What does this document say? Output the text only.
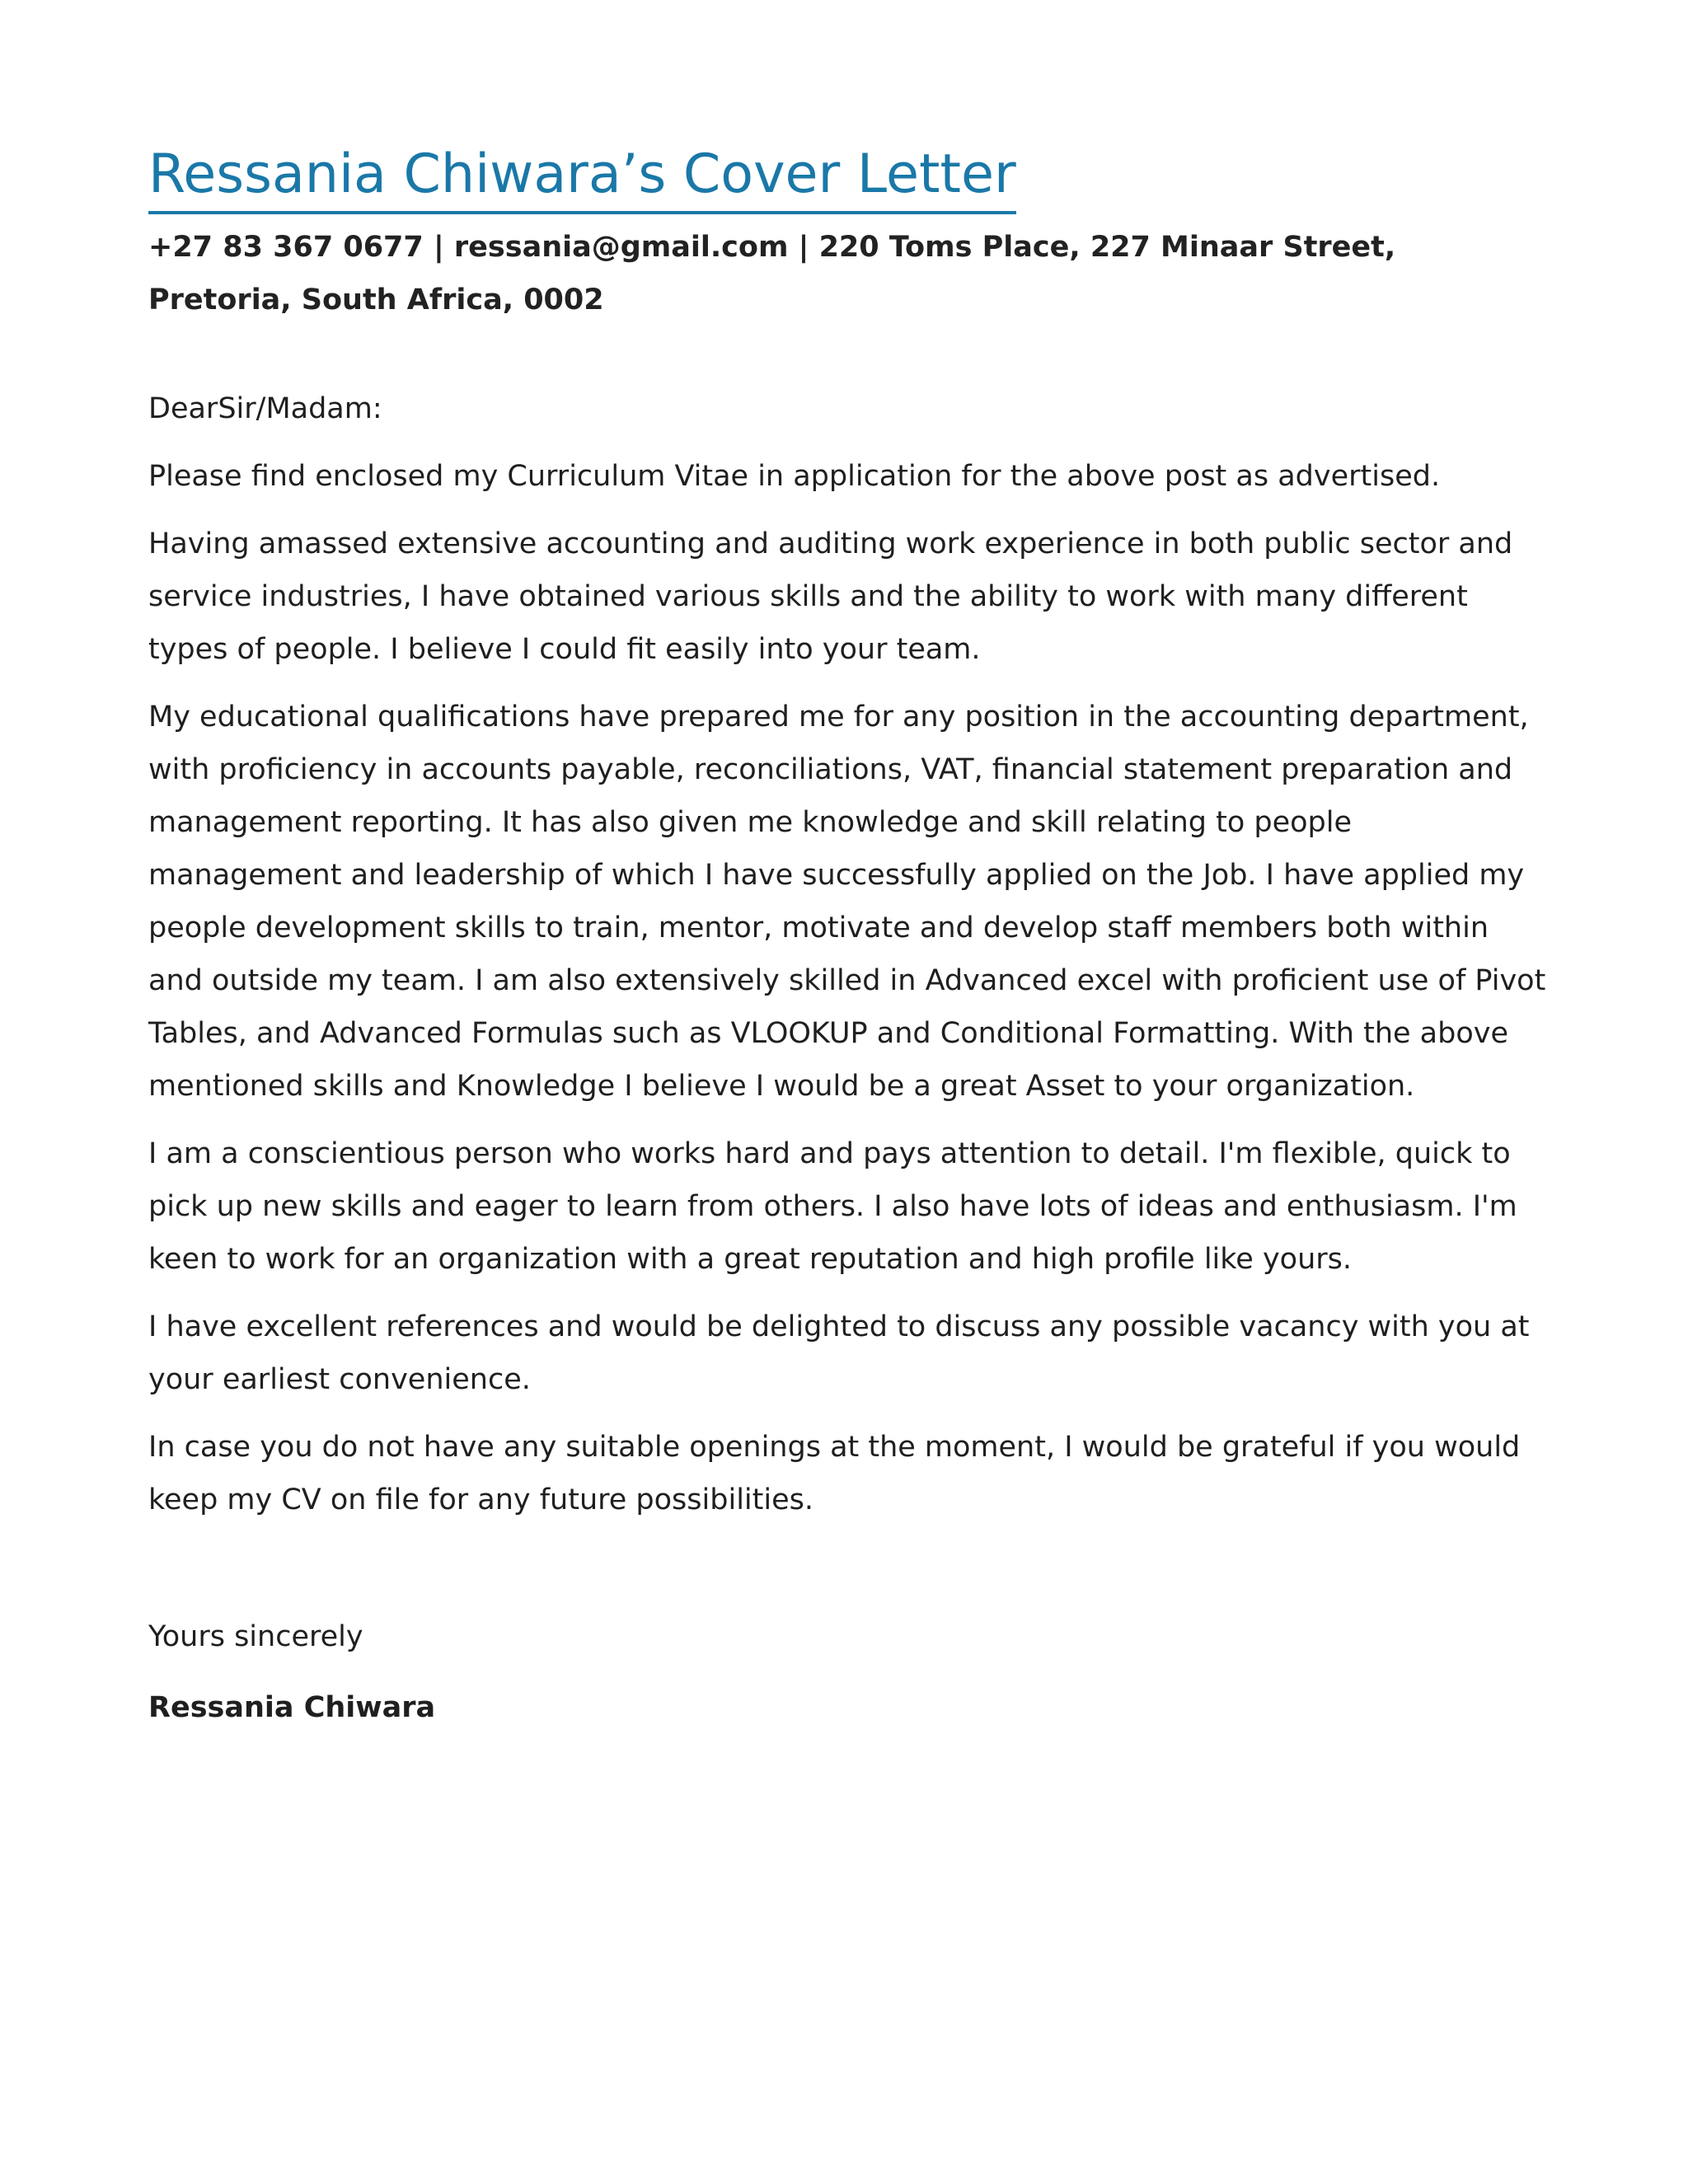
Ressania Chiwara’s Cover Letter
+27 83 367 0677 | ressania@gmail.com | 220 Toms Place, 227 Minaar Street, Pretoria, South Africa, 0002
DearSir/Madam:
Please find enclosed my Curriculum Vitae in application for the above post as advertised.
Having amassed extensive accounting and auditing work experience in both public sector and service industries, I have obtained various skills and the ability to work with many different types of people. I believe I could fit easily into your team.
My educational qualifications have prepared me for any position in the accounting department, with proficiency in accounts payable, reconciliations, VAT, financial statement preparation and management reporting. It has also given me knowledge and skill relating to people management and leadership of which I have successfully applied on the Job. I have applied my people development skills to train, mentor, motivate and develop staff members both within and outside my team. I am also extensively skilled in Advanced excel with proficient use of Pivot Tables, and Advanced Formulas such as VLOOKUP and Conditional Formatting. With the above mentioned skills and Knowledge I believe I would be a great Asset to your organization.
I am a conscientious person who works hard and pays attention to detail. I'm flexible, quick to pick up new skills and eager to learn from others. I also have lots of ideas and enthusiasm. I'm keen to work for an organization with a great reputation and high profile like yours.
I have excellent references and would be delighted to discuss any possible vacancy with you at your earliest convenience.
In case you do not have any suitable openings at the moment, I would be grateful if you would keep my CV on file for any future possibilities.
Yours sincerely
Ressania Chiwara
